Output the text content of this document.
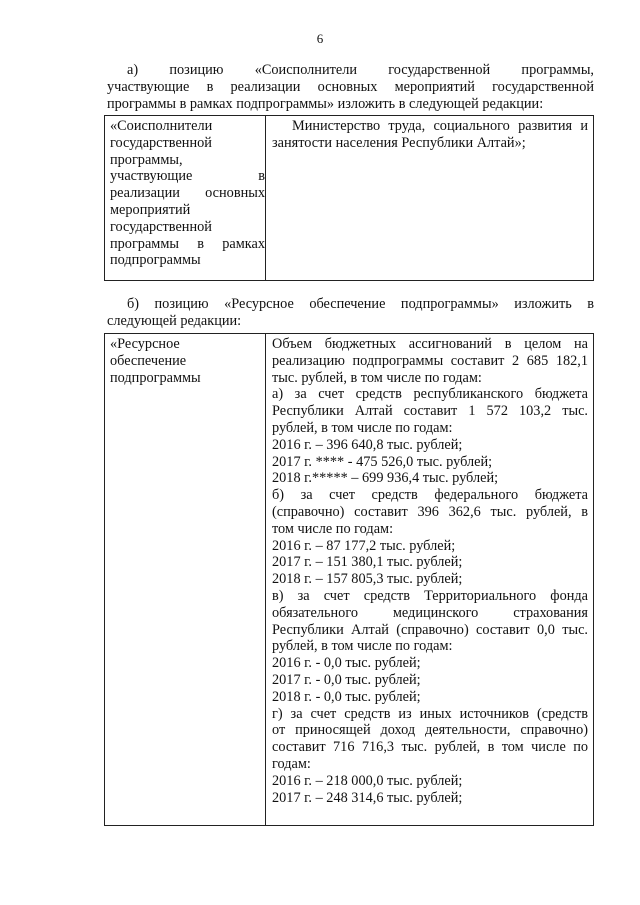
6
а) позицию «Соисполнители государственной программы,
участвующие в реализации основных мероприятий государственной
программы в рамках подпрограммы» изложить в следующей редакции:
«Соисполнители
государственной
программы,
участвующие в
реализации основных
мероприятий
государственной
программы в рамках
подпрограммы
Министерство труда, социального развития и
занятости населения Республики Алтай»;
б) позицию «Ресурсное обеспечение подпрограммы» изложить в
следующей редакции:
«Ресурсное
обеспечение
подпрограммы
Объем бюджетных ассигнований в целом на
реализацию подпрограммы составит 2 685 182,1
тыс. рублей, в том числе по годам:
а) за счет средств республиканского бюджета
Республики Алтай составит 1 572 103,2 тыс.
рублей, в том числе по годам:
2016 г. – 396 640,8 тыс. рублей;
2017 г. **** - 475 526,0 тыс. рублей;
2018 г.***** – 699 936,4 тыс. рублей;
б) за счет средств федерального бюджета
(справочно) составит 396 362,6 тыс. рублей, в
том числе по годам:
2016 г. – 87 177,2 тыс. рублей;
2017 г. – 151 380,1 тыс. рублей;
2018 г. – 157 805,3 тыс. рублей;
в) за счет средств Территориального фонда
обязательного медицинского страхования
Республики Алтай (справочно) составит 0,0 тыс.
рублей, в том числе по годам:
2016 г. - 0,0 тыс. рублей;
2017 г. - 0,0 тыс. рублей;
2018 г. - 0,0 тыс. рублей;
г) за счет средств из иных источников (средств
от приносящей доход деятельности, справочно)
составит 716 716,3 тыс. рублей, в том числе по
годам:
2016 г. – 218 000,0 тыс. рублей;
2017 г. – 248 314,6 тыс. рублей;
